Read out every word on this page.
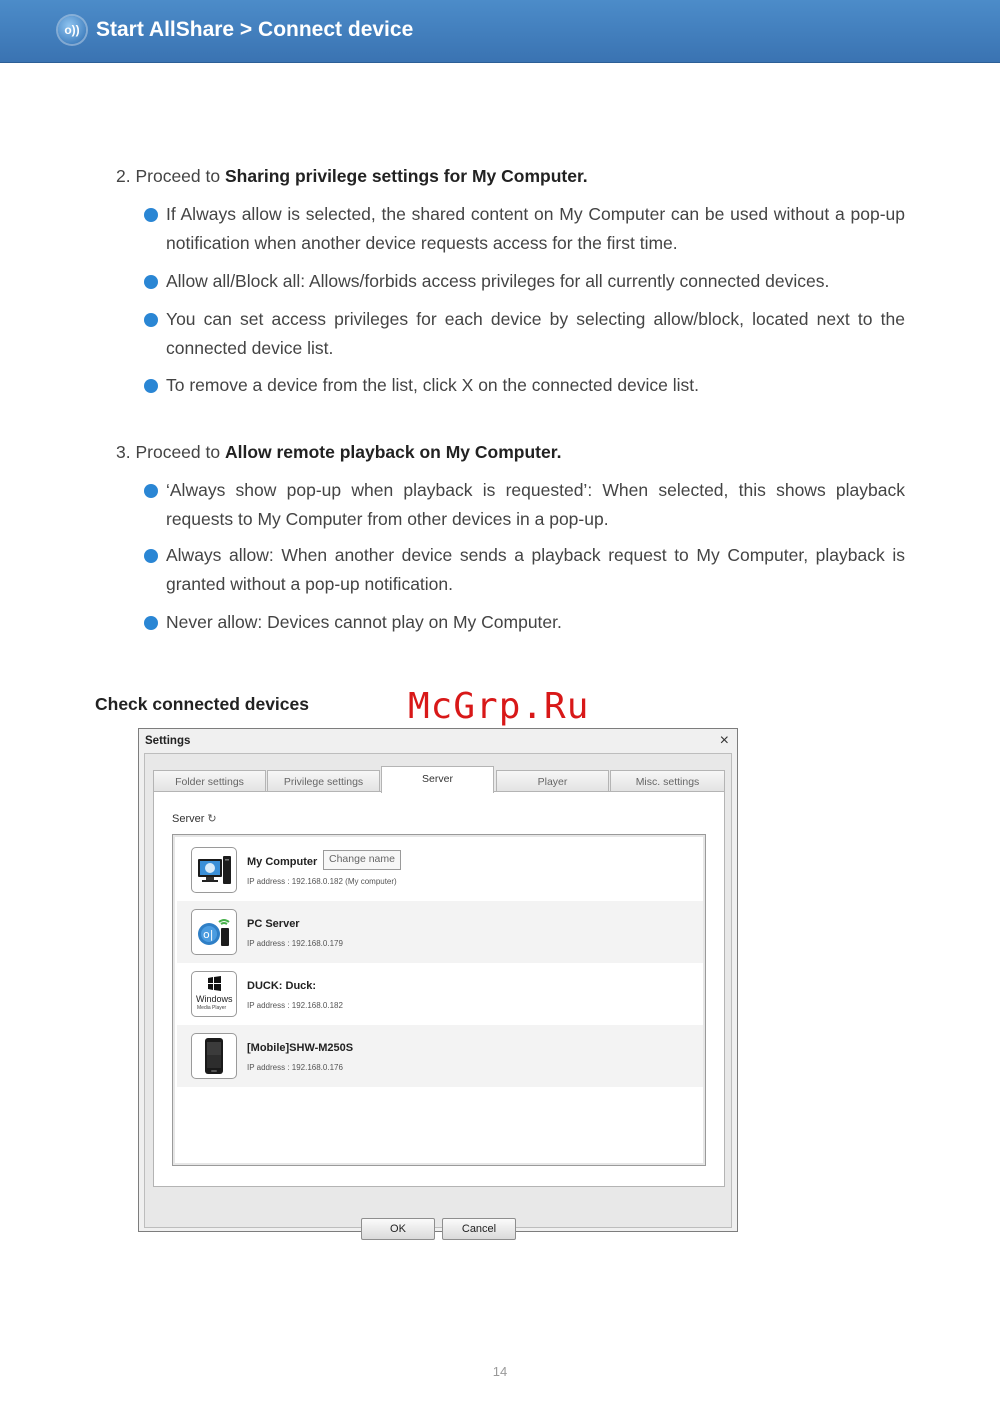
o)) Start AllShare > Connect device
2. Proceed to Sharing privilege settings for My Computer.
If Always allow is selected, the shared content on My Computer can be used without a pop-up notification when another device requests access for the first time.
Allow all/Block all: Allows/forbids access privileges for all currently connected devices.
You can set access privileges for each device by selecting allow/block, located next to the connected device list.
To remove a device from the list, click X on the connected device list.
3. Proceed to Allow remote playback on My Computer.
‘Always show pop-up when playback is requested’: When selected, this shows playback requests to My Computer from other devices in a pop-up.
Always allow: When another device sends a playback request to My Computer, playback is granted without a pop-up notification.
Never allow: Devices cannot play on My Computer.
Check connected devices	McGrp.Ru
Settings	×
Folder settings	Privilege settings	Server	Player	Misc. settings
Server ↻
My Computer	Change name
IP address : 192.168.0.182 (My computer)
o|
PC Server
IP address : 192.168.0.179
Windows
Media Player
DUCK: Duck:
IP address : 192.168.0.182
[Mobile]SHW-M250S
IP address : 192.168.0.176
OK	Cancel
14
